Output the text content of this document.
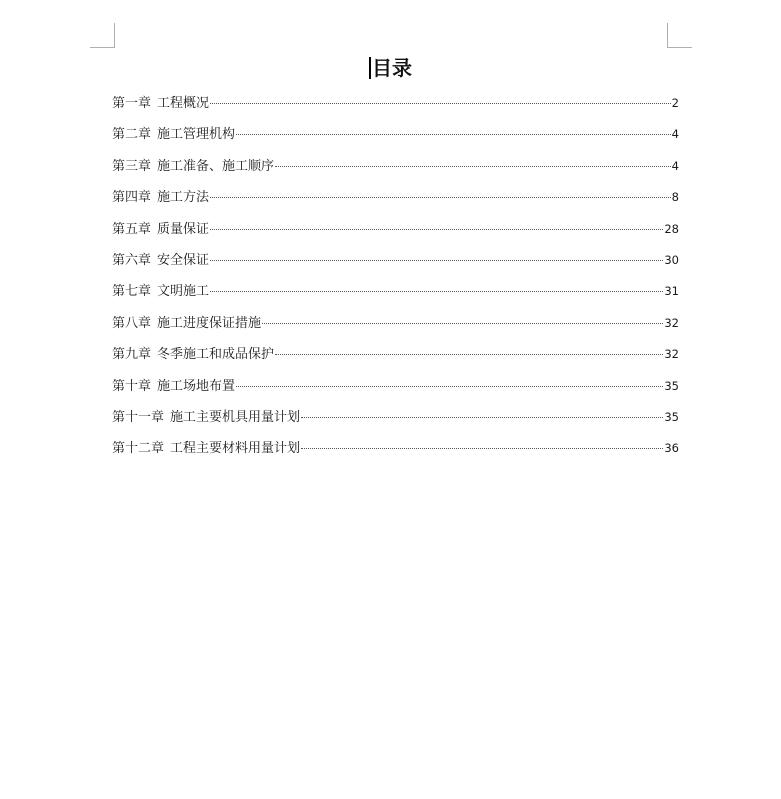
目录
第一章 工程概况	2
第二章 施工管理机构	4
第三章 施工准备、施工顺序	4
第四章 施工方法	8
第五章 质量保证	28
第六章 安全保证	30
第七章 文明施工	31
第八章 施工进度保证措施	32
第九章 冬季施工和成品保护	32
第十章 施工场地布置	35
第十一章 施工主要机具用量计划	35
第十二章 工程主要材料用量计划	36
